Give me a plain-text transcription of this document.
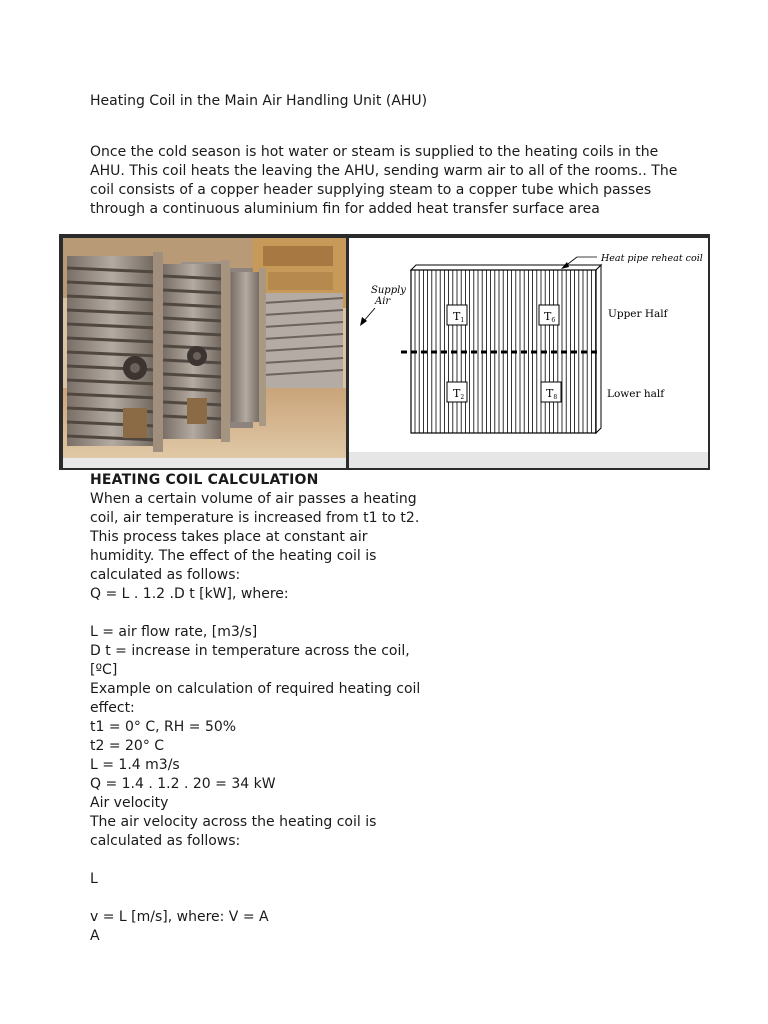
Heating Coil in the Main Air Handling Unit (AHU)
Once the cold season is hot water or steam is supplied to the heating coils in the
AHU. This coil heats the leaving the AHU, sending warm air to all of the rooms.. The
coil consists of a copper header supplying steam to a copper tube which passes
through a continuous aluminium fin for added heat transfer surface area
T1	T6
T2	T8
Heat pipe reheat coil
Supply
Air
Upper Half
Lower half
HEATING COIL CALCULATION
When a certain volume of air passes a heating
coil, air temperature is increased from t1 to t2.
This process takes place at constant air
humidity. The effect of the heating coil is
calculated as follows:
Q = L . 1.2 .D t [kW], where:
L = air flow rate, [m3/s]
D t = increase in temperature across the coil,
[ºC]
Example on calculation of required heating coil
effect:
t1 = 0° C, RH = 50%
t2 = 20° C
L = 1.4 m3/s
Q = 1.4 . 1.2 . 20 = 34 kW
Air velocity
The air velocity across the heating coil is
calculated as follows:
L
v = L [m/s], where: V = A
A
